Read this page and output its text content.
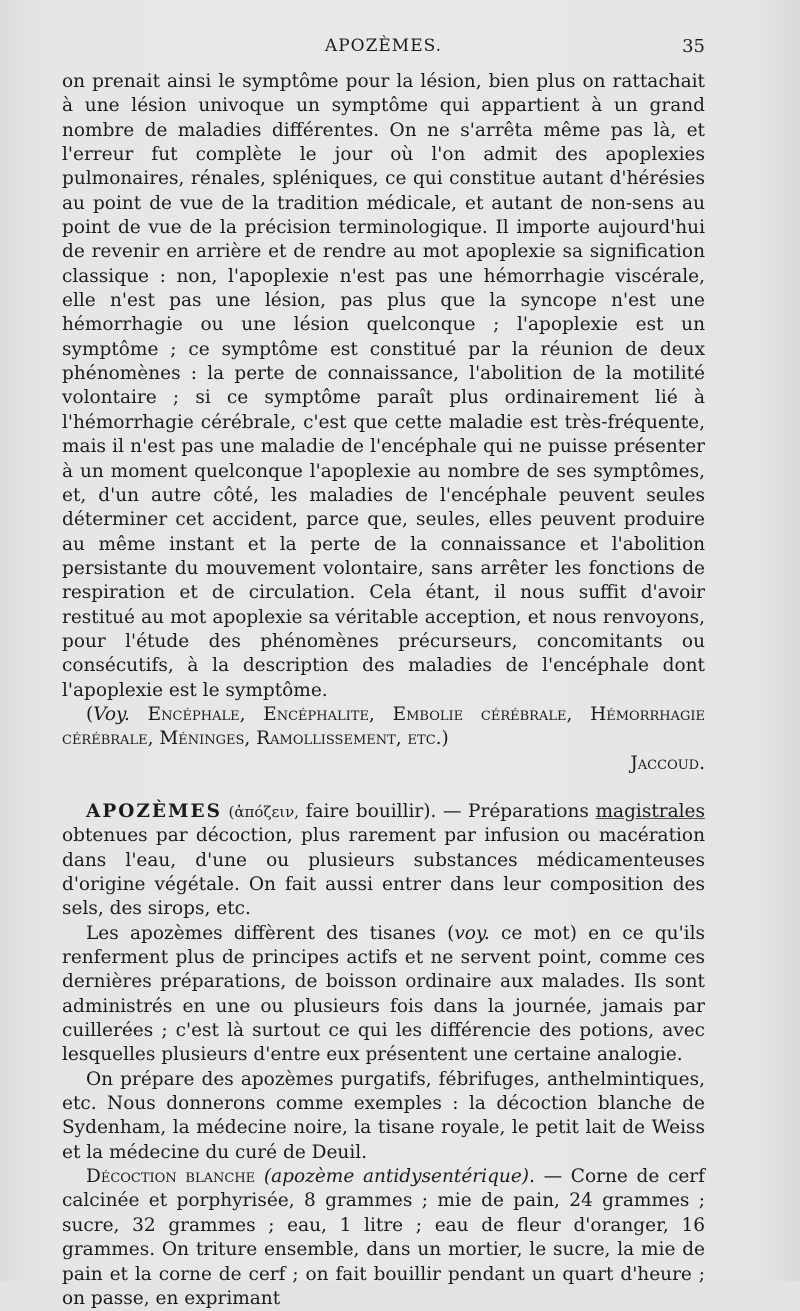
APOZÈMES.	35

on prenait ainsi le symptôme pour la lésion, bien plus on rattachait à une lésion univoque un symptôme qui appartient à un grand nombre de maladies différentes. On ne s'arrêta même pas là, et l'erreur fut complète le jour où l'on admit des apoplexies pulmonaires, rénales, spléniques, ce qui constitue autant d'hérésies au point de vue de la tradition médicale, et autant de non-sens au point de vue de la précision terminologique. Il importe aujourd'hui de revenir en arrière et de rendre au mot apoplexie sa signification classique : non, l'apoplexie n'est pas une hémorrhagie viscérale, elle n'est pas une lésion, pas plus que la syncope n'est une hémorrhagie ou une lésion quelconque ; l'apoplexie est un symptôme ; ce symptôme est constitué par la réunion de deux phénomènes : la perte de connaissance, l'abolition de la motilité volontaire ; si ce symptôme paraît plus ordinairement lié à l'hémorrhagie cérébrale, c'est que cette maladie est très-fréquente, mais il n'est pas une maladie de l'encéphale qui ne puisse présenter à un moment quelconque l'apoplexie au nombre de ses symptômes, et, d'un autre côté, les maladies de l'encéphale peuvent seules déterminer cet accident, parce que, seules, elles peuvent produire au même instant et la perte de la connaissance et l'abolition persistante du mouvement volontaire, sans arrêter les fonctions de respiration et de circulation. Cela étant, il nous suffit d'avoir restitué au mot apoplexie sa véritable acception, et nous renvoyons, pour l'étude des phénomènes précurseurs, concomitants ou consécutifs, à la description des maladies de l'encéphale dont l'apoplexie est le symptôme.

(Voy. Encéphale, Encéphalite, Embolie cérébrale, Hémorrhagie cérébrale, Méninges, Ramollissement, etc.)

Jaccoud.

APOZÈMES (ἀπόζειν, faire bouillir). — Préparations magistrales obtenues par décoction, plus rarement par infusion ou macération dans l'eau, d'une ou plusieurs substances médicamenteuses d'origine végétale. On fait aussi entrer dans leur composition des sels, des sirops, etc.

Les apozèmes diffèrent des tisanes (voy. ce mot) en ce qu'ils renferment plus de principes actifs et ne servent point, comme ces dernières préparations, de boisson ordinaire aux malades. Ils sont administrés en une ou plusieurs fois dans la journée, jamais par cuillerées ; c'est là surtout ce qui les différencie des potions, avec lesquelles plusieurs d'entre eux présentent une certaine analogie.

On prépare des apozèmes purgatifs, fébrifuges, anthelmintiques, etc. Nous donnerons comme exemples : la décoction blanche de Sydenham, la médecine noire, la tisane royale, le petit lait de Weiss et la médecine du curé de Deuil.

Décoction blanche (apozème antidysentérique). — Corne de cerf calcinée et porphyrisée, 8 grammes ; mie de pain, 24 grammes ; sucre, 32 grammes ; eau, 1 litre ; eau de fleur d'oranger, 16 grammes. On triture ensemble, dans un mortier, le sucre, la mie de pain et la corne de cerf ; on fait bouillir pendant un quart d'heure ; on passe, en exprimant
